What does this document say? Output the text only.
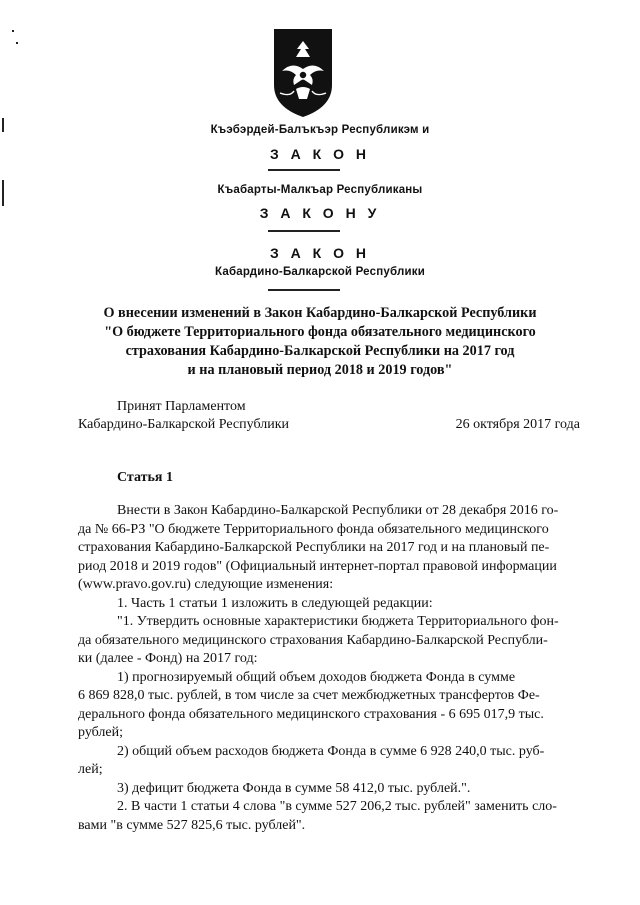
Къэбэрдей-Балъкъэр Республикэм и
З А К О Н
Къабарты-Малкъар Республиканы
З А К О Н У
З А К О Н
Кабардино-Балкарской Республики
О внесении изменений в Закон Кабардино-Балкарской Республики
"О бюджете Территориального фонда обязательного медицинского
страхования Кабардино-Балкарской Республики на 2017 год
и на плановый период 2018 и 2019 годов"
Принят Парламентом
Кабардино-Балкарской Республики	26 октября 2017 года
Статья 1

Внести в Закон Кабардино-Балкарской Республики от 28 декабря 2016 го-

да № 66-РЗ "О бюджете Территориального фонда обязательного медицинского

страхования Кабардино-Балкарской Республики на 2017 год и на плановый пе-

риод 2018 и 2019 годов" (Официальный интернет-портал правовой информации

(www.pravo.gov.ru) следующие изменения:

1. Часть 1 статьи 1 изложить в следующей редакции:

"1. Утвердить основные характеристики бюджета Территориального фон-

да обязательного медицинского страхования Кабардино-Балкарской Республи-

ки (далее - Фонд) на 2017 год:

1) прогнозируемый общий объем доходов бюджета Фонда в сумме

6 869 828,0 тыс. рублей, в том числе за счет межбюджетных трансфертов Фе-

дерального фонда обязательного медицинского страхования - 6 695 017,9 тыс.

рублей;

2) общий объем расходов бюджета Фонда в сумме 6 928 240,0 тыс. руб-

лей;

3) дефицит бюджета Фонда в сумме 58 412,0 тыс. рублей.".

2. В части 1 статьи 4 слова "в сумме 527 206,2 тыс. рублей" заменить сло-

вами "в сумме 527 825,6 тыс. рублей".
